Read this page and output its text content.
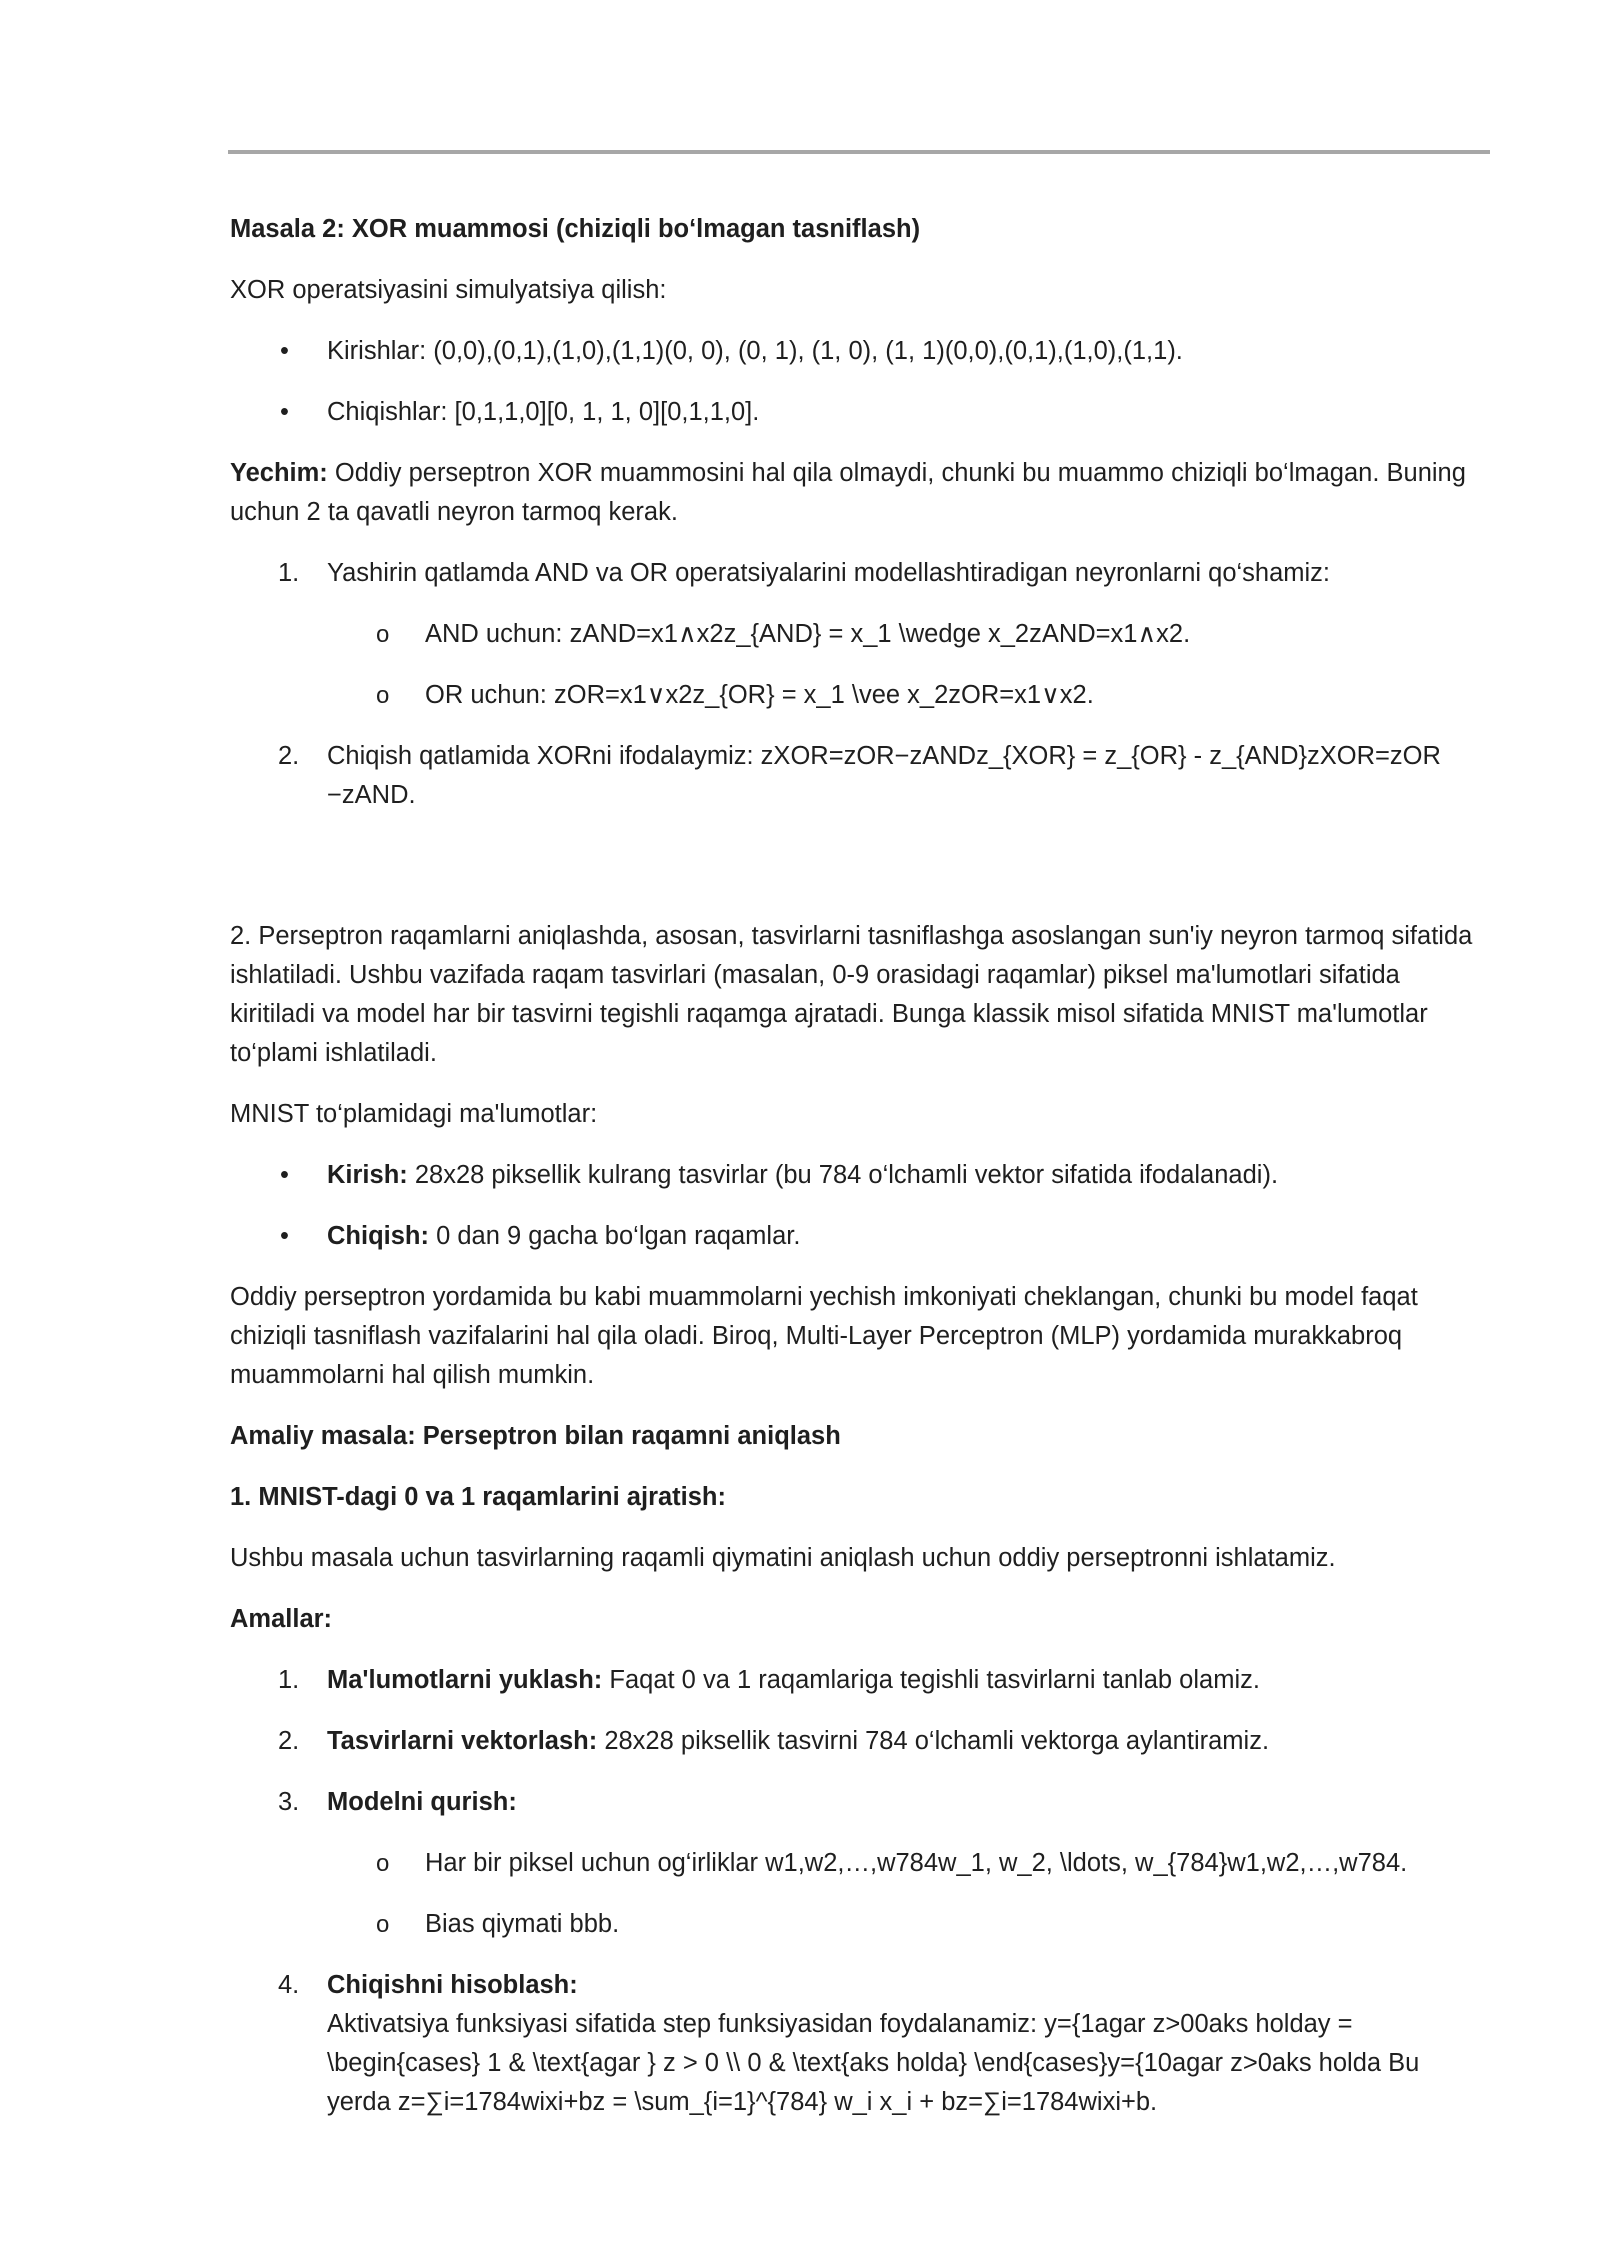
Masala 2: XOR muammosi (chiziqli bo‘lmagan tasniflash)

XOR operatsiyasini simulyatsiya qilish:

• Kirishlar: (0,0),(0,1),(1,0),(1,1)(0, 0), (0, 1), (1, 0), (1, 1)(0,0),(0,1),(1,0),(1,1).
• Chiqishlar: [0,1,1,0][0, 1, 1, 0][0,1,1,0].

Yechim: Oddiy perseptron XOR muammosini hal qila olmaydi, chunki bu muammo chiziqli bo‘lmagan. Buning uchun 2 ta qavatli neyron tarmoq kerak.

1. Yashirin qatlamda AND va OR operatsiyalarini modellashtiradigan neyronlarni qo‘shamiz:
o AND uchun: zAND=x1∧x2z_{AND} = x_1 \wedge x_2zAND=x1∧x2.
o OR uchun: zOR=x1∨x2z_{OR} = x_1 \vee x_2zOR=x1∨x2.
2. Chiqish qatlamida XORni ifodalaymiz: zXOR=zOR−zANDz_{XOR} = z_{OR} - z_{AND}zXOR=zOR −zAND.

2. Perseptron raqamlarni aniqlashda, asosan, tasvirlarni tasniflashga asoslangan sun'iy neyron tarmoq sifatida ishlatiladi. Ushbu vazifada raqam tasvirlari (masalan, 0-9 orasidagi raqamlar) piksel ma'lumotlari sifatida kiritiladi va model har bir tasvirni tegishli raqamga ajratadi. Bunga klassik misol sifatida MNIST ma'lumotlar to‘plami ishlatiladi.

MNIST to‘plamidagi ma'lumotlar:

• Kirish: 28x28 piksellik kulrang tasvirlar (bu 784 o‘lchamli vektor sifatida ifodalanadi).
• Chiqish: 0 dan 9 gacha bo‘lgan raqamlar.

Oddiy perseptron yordamida bu kabi muammolarni yechish imkoniyati cheklangan, chunki bu model faqat chiziqli tasniflash vazifalarini hal qila oladi. Biroq, Multi-Layer Perceptron (MLP) yordamida murakkabroq muammolarni hal qilish mumkin.

Amaliy masala: Perseptron bilan raqamni aniqlash

1. MNIST-dagi 0 va 1 raqamlarini ajratish:

Ushbu masala uchun tasvirlarning raqamli qiymatini aniqlash uchun oddiy perseptronni ishlatamiz.

Amallar:

1. Ma'lumotlarni yuklash: Faqat 0 va 1 raqamlariga tegishli tasvirlarni tanlab olamiz.
2. Tasvirlarni vektorlash: 28x28 piksellik tasvirni 784 o‘lchamli vektorga aylantiramiz.
3. Modelni qurish:
o Har bir piksel uchun og‘irliklar w1,w2,…,w784w_1, w_2, \ldots, w_{784}w1,w2,…,w784.
o Bias qiymati bbb.
4. Chiqishni hisoblash:
Aktivatsiya funksiyasi sifatida step funksiyasidan foydalanamiz: y={1agar z>00aks holday = \begin{cases} 1 & \text{agar } z > 0 \\ 0 & \text{aks holda} \end{cases}y={10agar z>0aks holda Bu yerda z=∑i=1784wixi+bz = \sum_{i=1}^{784} w_i x_i + bz=∑i=1784wixi+b.
